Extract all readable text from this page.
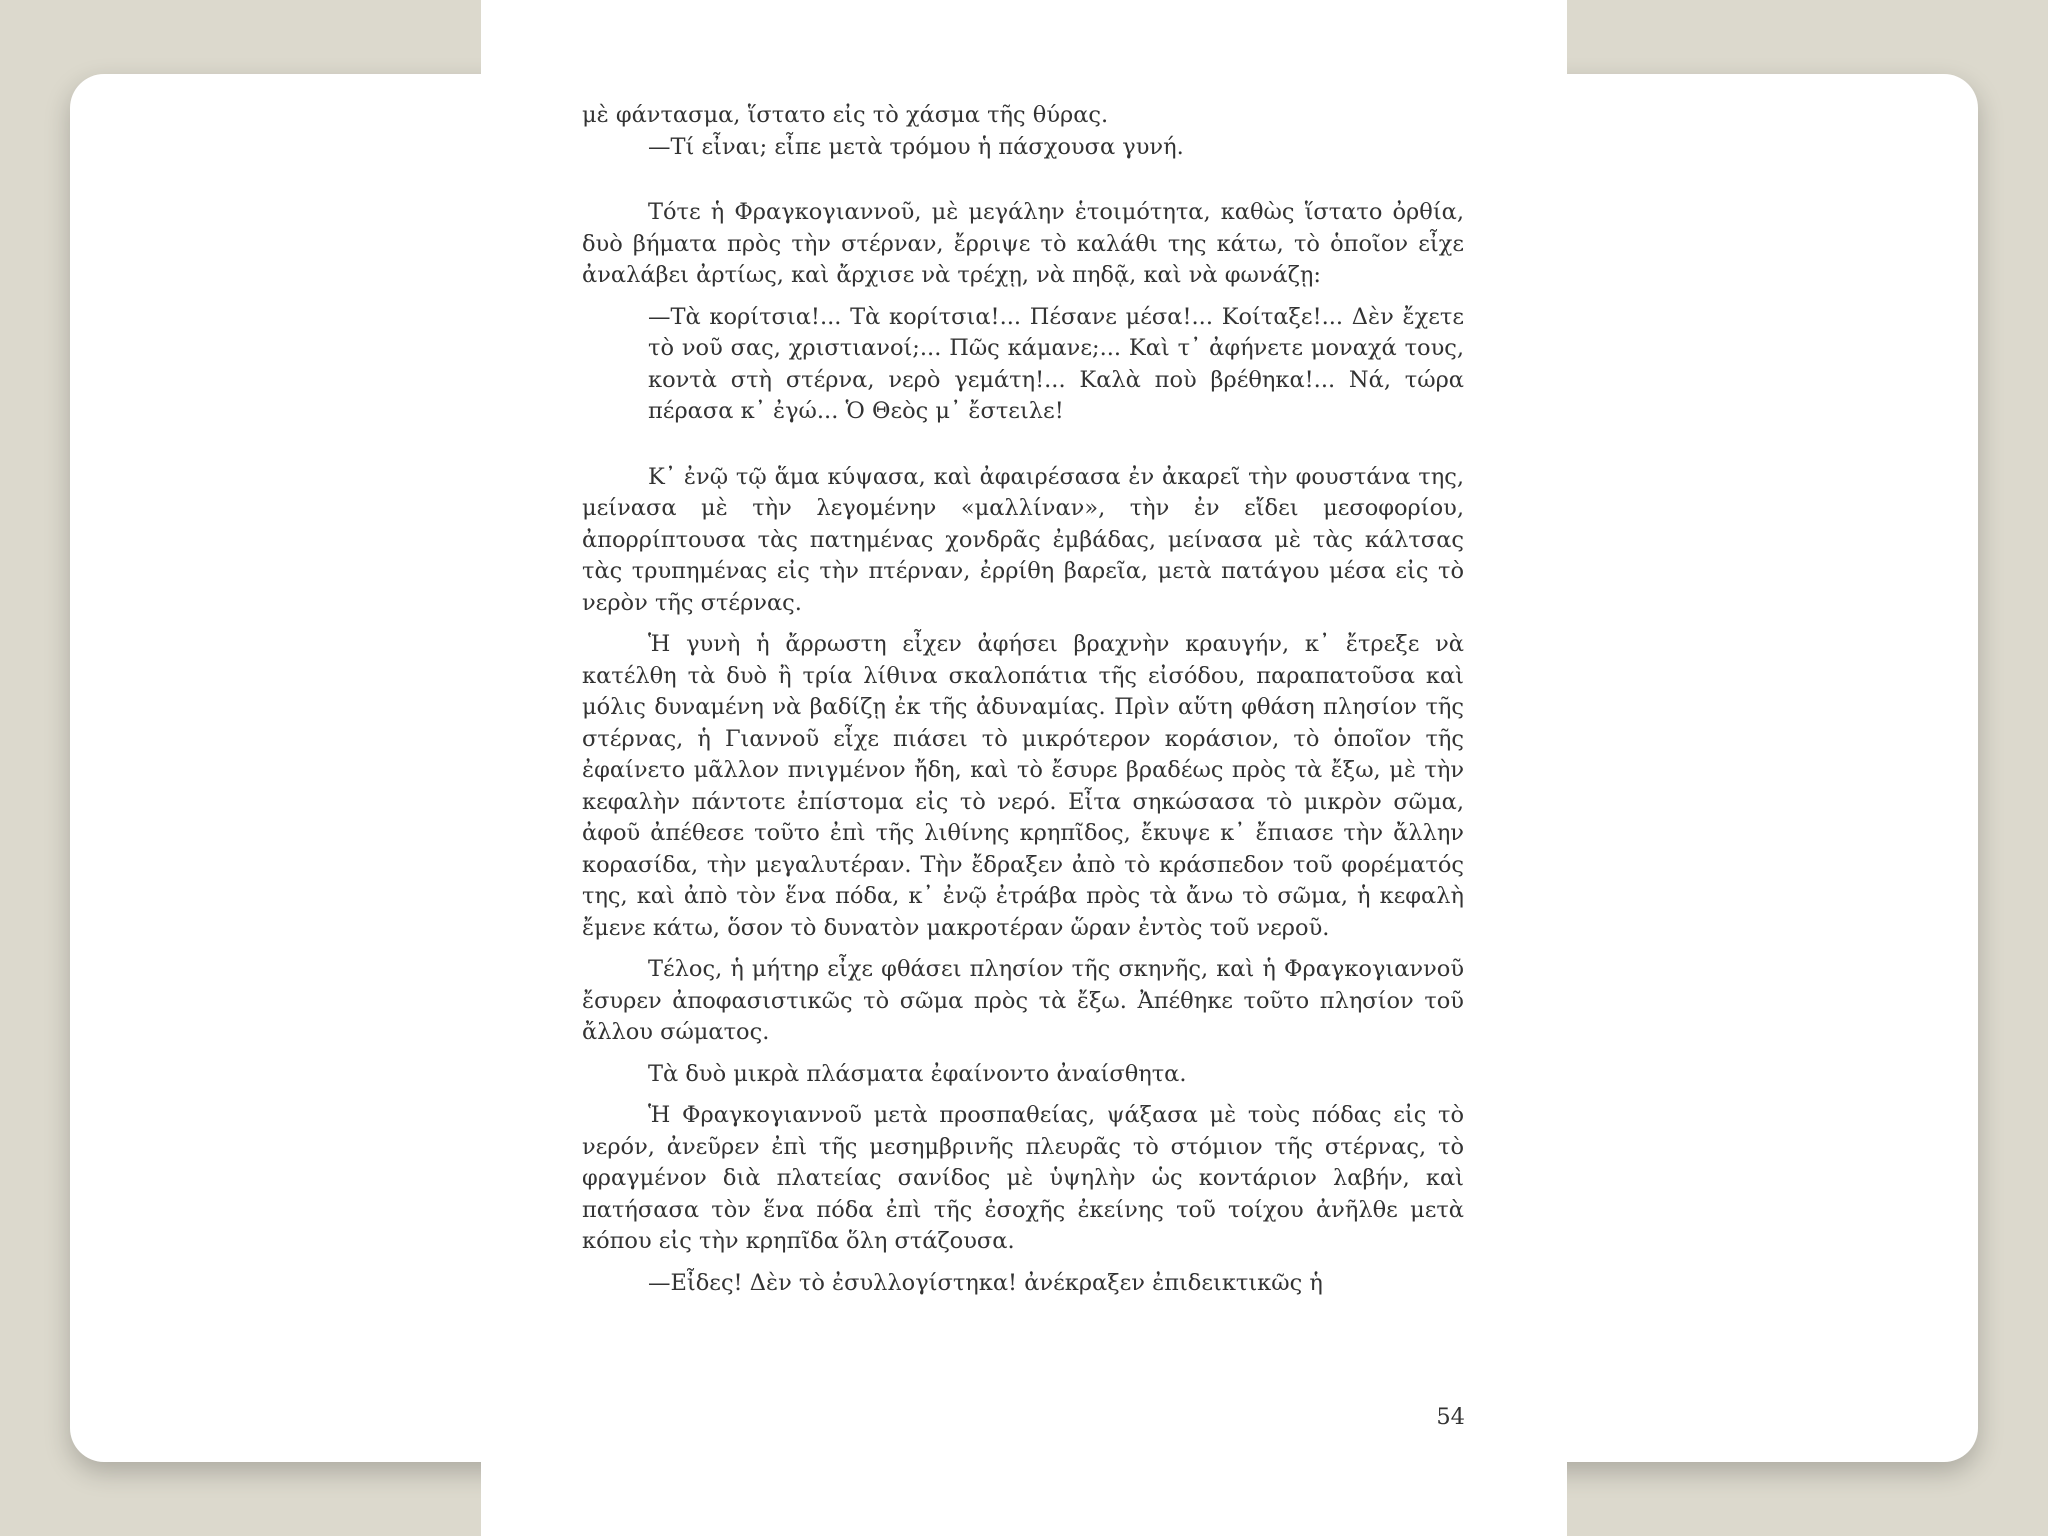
μὲ φάντασμα, ἵστατο εἰς τὸ χάσμα τῆς θύρας.

—Τί εἶναι; εἶπε μετὰ τρόμου ἡ πάσχουσα γυνή.

Τότε ἡ Φραγκογιαννοῦ, μὲ μεγάλην ἑτοιμότητα, καθὼς ἵστατο ὀρθία, δυὸ βήματα πρὸς τὴν στέρναν, ἔρριψε τὸ καλάθι της κάτω, τὸ ὁποῖον εἶχε ἀναλάβει ἀρτίως, καὶ ἄρχισε νὰ τρέχῃ, νὰ πηδᾷ, καὶ νὰ φωνάζῃ:

—Τὰ κορίτσια!... Τὰ κορίτσια!... Πέσανε μέσα!... Κοίταξε!... Δὲν ἔχετε τὸ νοῦ σας, χριστιανοί;... Πῶς κάμανε;... Καὶ τ᾽ ἀφήνετε μοναχά τους, κοντὰ στὴ στέρνα, νερὸ γεμάτη!... Καλὰ ποὺ βρέθηκα!... Νά, τώρα πέρασα κ᾽ ἐγώ... Ὁ Θεὸς μ᾽ ἔστειλε!

Κ᾽ ἐνῷ τῷ ἅμα κύψασα, καὶ ἀφαιρέσασα ἐν ἀκαρεῖ τὴν φουστάνα της, μείνασα μὲ τὴν λεγομένην «μαλλίναν», τὴν ἐν εἴδει μεσοφορίου, ἀπορρίπτουσα τὰς πατημένας χονδρᾶς ἐμβάδας, μείνασα μὲ τὰς κάλτσας τὰς τρυπημένας εἰς τὴν πτέρναν, ἐρρίθη βαρεῖα, μετὰ πατάγου μέσα εἰς τὸ νερὸν τῆς στέρνας.

Ἡ γυνὴ ἡ ἄρρωστη εἶχεν ἀφήσει βραχνὴν κραυγήν, κ᾽ ἔτρεξε νὰ κατέλθη τὰ δυὸ ἢ τρία λίθινα σκαλοπάτια τῆς εἰσόδου, παραπατοῦσα καὶ μόλις δυναμένη νὰ βαδίζῃ ἐκ τῆς ἀδυναμίας. Πρὶν αὕτη φθάση πλησίον τῆς στέρνας, ἡ Γιαννοῦ εἶχε πιάσει τὸ μικρότερον κοράσιον, τὸ ὁποῖον τῆς ἐφαίνετο μᾶλλον πνιγμένον ἤδη, καὶ τὸ ἔσυρε βραδέως πρὸς τὰ ἔξω, μὲ τὴν κεφαλὴν πάντοτε ἐπίστομα εἰς τὸ νερό. Εἶτα σηκώσασα τὸ μικρὸν σῶμα, ἀφοῦ ἀπέθεσε τοῦτο ἐπὶ τῆς λιθίνης κρηπῖδος, ἔκυψε κ᾽ ἔπιασε τὴν ἄλλην κορασίδα, τὴν μεγαλυτέραν. Τὴν ἔδραξεν ἀπὸ τὸ κράσπεδον τοῦ φορέματός της, καὶ ἀπὸ τὸν ἕνα πόδα, κ᾽ ἐνῷ ἐτράβα πρὸς τὰ ἄνω τὸ σῶμα, ἡ κεφαλὴ ἔμενε κάτω, ὅσον τὸ δυνατὸν μακροτέραν ὥραν ἐντὸς τοῦ νεροῦ.

Τέλος, ἡ μήτηρ εἶχε φθάσει πλησίον τῆς σκηνῆς, καὶ ἡ Φραγκογιαννοῦ ἔσυρεν ἀποφασιστικῶς τὸ σῶμα πρὸς τὰ ἔξω. Ἀπέθηκε τοῦτο πλησίον τοῦ ἄλλου σώματος.

Τὰ δυὸ μικρὰ πλάσματα ἐφαίνοντο ἀναίσθητα.

Ἡ Φραγκογιαννοῦ μετὰ προσπαθείας, ψάξασα μὲ τοὺς πόδας εἰς τὸ νερόν, ἀνεῦρεν ἐπὶ τῆς μεσημβρινῆς πλευρᾶς τὸ στόμιον τῆς στέρνας, τὸ φραγμένον διὰ πλατείας σανίδος μὲ ὑψηλὴν ὡς κοντάριον λαβήν, καὶ πατήσασα τὸν ἕνα πόδα ἐπὶ τῆς ἐσοχῆς ἐκείνης τοῦ τοίχου ἀνῆλθε μετὰ κόπου εἰς τὴν κρηπῖδα ὅλη στάζουσα.

—Εἶδες! Δὲν τὸ ἐσυλλογίστηκα! ἀνέκραξεν ἐπιδεικτικῶς ἡ

54
